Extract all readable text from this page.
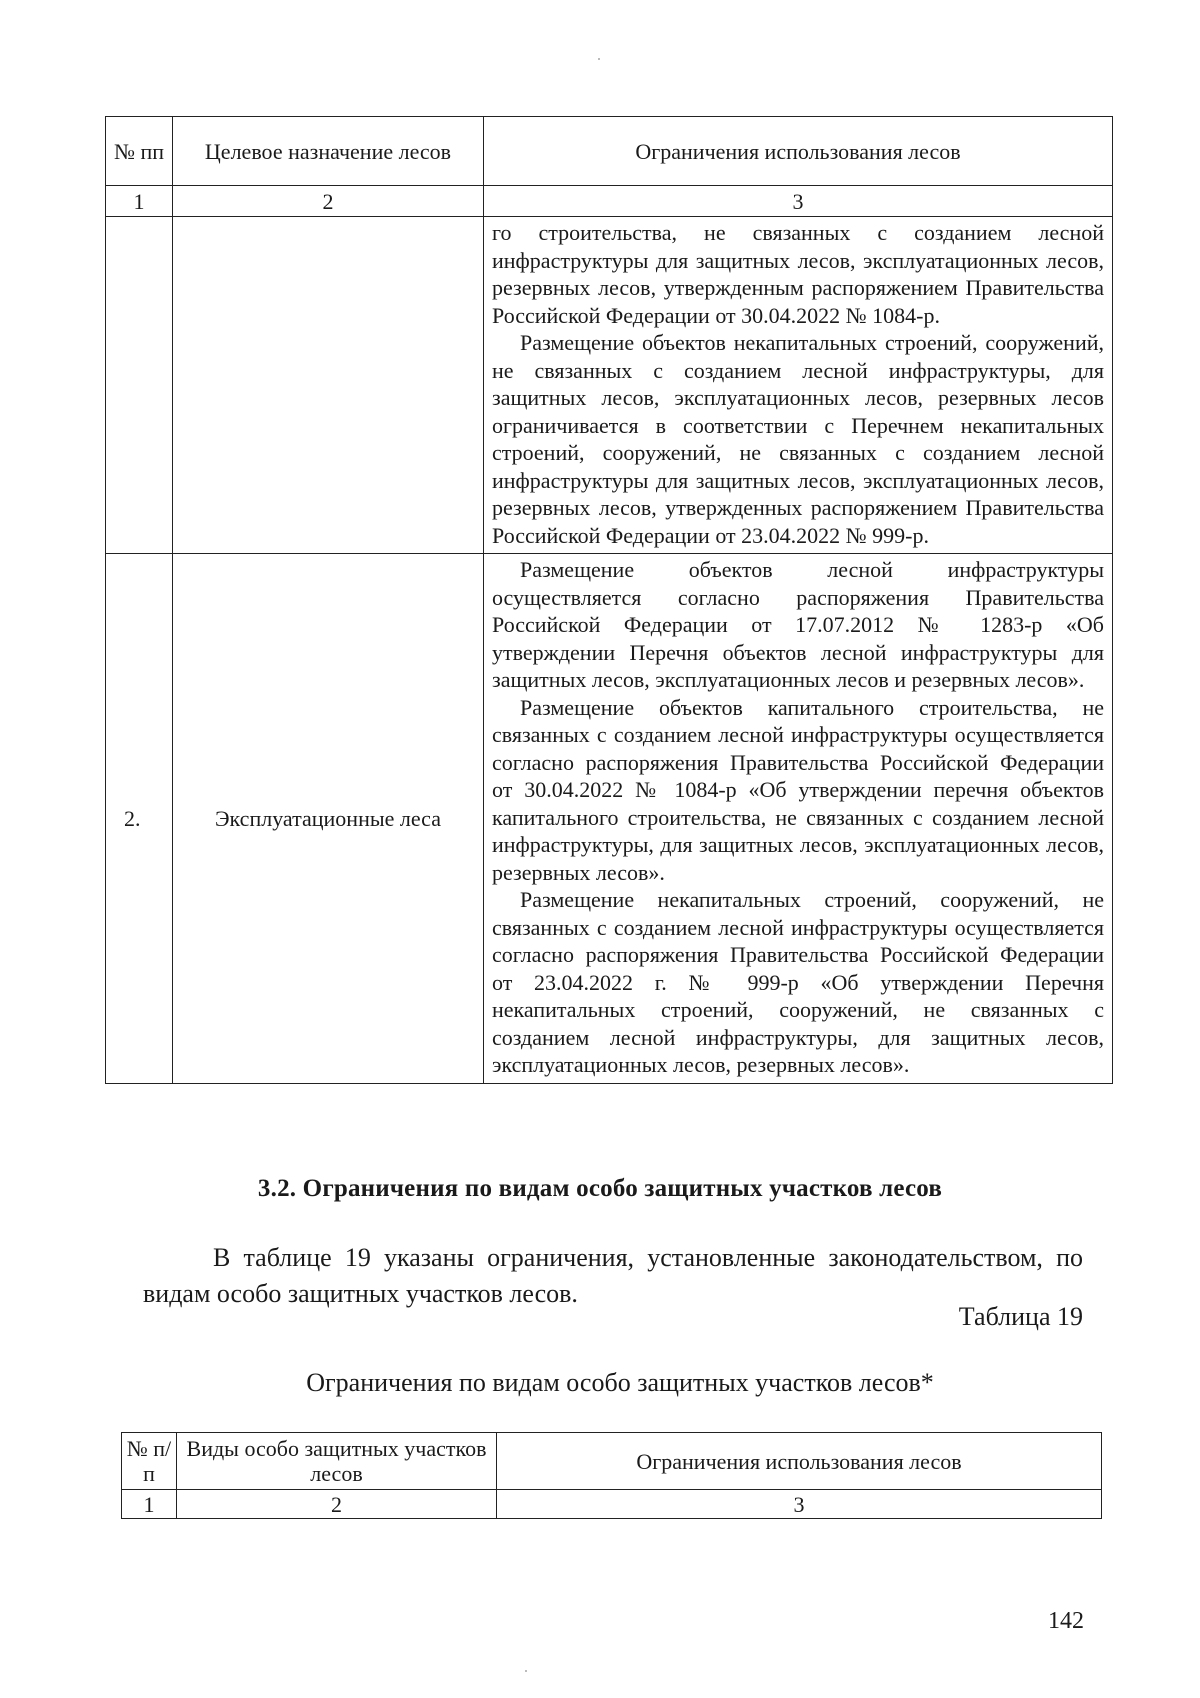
№ пп	Целевое назначение лесов	Ограничения использования лесов
1	2	3

		го строительства, не связанных с созданием лесной инфраструктуры для защитных лесов, эксплуатационных лесов, резервных лесов, утвержденным распоряжением Правительства Российской Федерации от 30.04.2022 № 1084-р.

Размещение объектов некапитальных строений, сооружений, не связанных с созданием лесной инфраструктуры, для защитных лесов, эксплуатационных лесов, резервных лесов ограничивается в соответствии с Перечнем некапитальных строений, сооружений, не связанных с созданием лесной инфраструктуры для защитных лесов, эксплуатационных лесов, резервных лесов, утвержденных распоряжением Правительства Российской Федерации от 23.04.2022 № 999-р.

2.	Эксплуатационные леса	Размещение объектов лесной инфраструктуры осуществляется согласно распоряжения Правительства Российской Федерации от 17.07.2012 № 1283-р «Об утверждении Перечня объектов лесной инфраструктуры для защитных лесов, эксплуатационных лесов и резервных лесов».

Размещение объектов капитального строительства, не связанных с созданием лесной инфраструктуры осуществляется согласно распоряжения Правительства Российской Федерации от 30.04.2022 № 1084-р «Об утверждении перечня объектов капитального строительства, не связанных с созданием лесной инфраструктуры, для защитных лесов, эксплуатационных лесов, резервных лесов».

Размещение некапитальных строений, сооружений, не связанных с созданием лесной инфраструктуры осуществляется согласно распоряжения Правительства Российской Федерации от 23.04.2022 г. № 999-р «Об утверждении Перечня некапитальных строений, сооружений, не связанных с созданием лесной инфраструктуры, для защитных лесов, эксплуатационных лесов, резервных лесов».

3.2. Ограничения по видам особо защитных участков лесов
В таблице 19 указаны ограничения, установленные законодательством, по видам особо защитных участков лесов.
Таблица 19
Ограничения по видам особо защитных участков лесов*
№ п/п	Виды особо защитных участков лесов	Ограничения использования лесов
1	2	3
142
